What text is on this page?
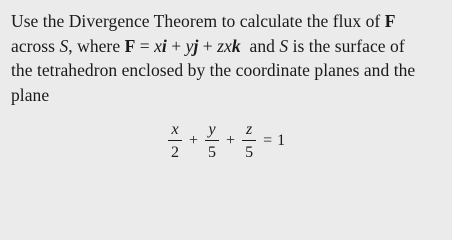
Use the Divergence Theorem to calculate the flux of F
across S, where F = xi + yj + zxk  and S is the surface of
the tetrahedron enclosed by the coordinate planes and the
plane
$\frac{x}{2} + \frac{y}{5} + \frac{z}{5} = 1$
